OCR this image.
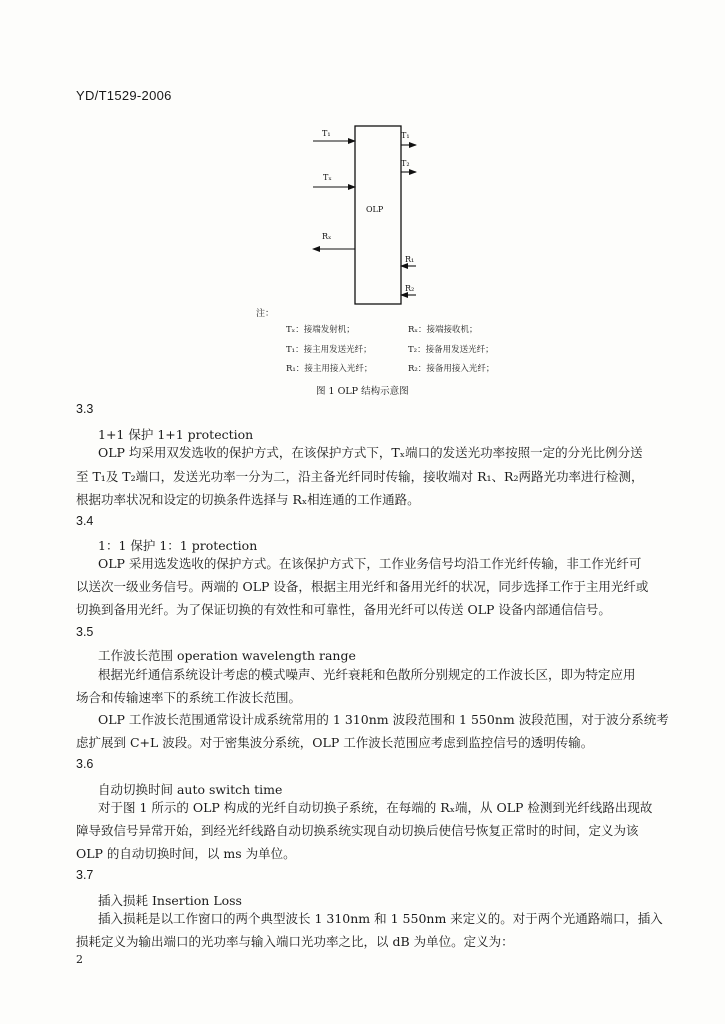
YD/T1529-2006
OLP
T₁	T₁
T₂
Tₓ
Rₓ
R₁
R₂
注：
Tₓ：接端发射机；	Rₓ：接端接收机；
T₁：接主用发送光纤；	T₂：接备用发送光纤；
R₁：接主用接入光纤；	R₂：接备用接入光纤；
图 1 OLP 结构示意图
3.3
1+1 保护 1+1 protection
OLP 均采用双发选收的保护方式，在该保护方式下，Tₓ端口的发送光功率按照一定的分光比例分送
至 T₁及 T₂端口，发送光功率一分为二，沿主备光纤同时传输，接收端对 R₁、R₂两路光功率进行检测，
根据功率状况和设定的切换条件选择与 Rₓ相连通的工作通路。
3.4
1：1 保护 1：1 protection
OLP 采用选发选收的保护方式。在该保护方式下，工作业务信号均沿工作光纤传输，非工作光纤可
以送次一级业务信号。两端的 OLP 设备，根据主用光纤和备用光纤的状况，同步选择工作于主用光纤或
切换到备用光纤。为了保证切换的有效性和可靠性，备用光纤可以传送 OLP 设备内部通信信号。
3.5
工作波长范围 operation wavelength range
根据光纤通信系统设计考虑的模式噪声、光纤衰耗和色散所分别规定的工作波长区，即为特定应用
场合和传输速率下的系统工作波长范围。
OLP 工作波长范围通常设计成系统常用的 1 310nm 波段范围和 1 550nm 波段范围，对于波分系统考
虑扩展到 C+L 波段。对于密集波分系统，OLP 工作波长范围应考虑到监控信号的透明传输。
3.6
自动切换时间 auto switch time
对于图 1 所示的 OLP 构成的光纤自动切换子系统，在每端的 Rₓ端，从 OLP 检测到光纤线路出现故
障导致信号异常开始，到经光纤线路自动切换系统实现自动切换后使信号恢复正常时的时间，定义为该
OLP 的自动切换时间，以 ms 为单位。
3.7
插入损耗 Insertion Loss
插入损耗是以工作窗口的两个典型波长 1 310nm 和 1 550nm 来定义的。对于两个光通路端口，插入
损耗定义为输出端口的光功率与输入端口光功率之比，以 dB 为单位。定义为：
2
